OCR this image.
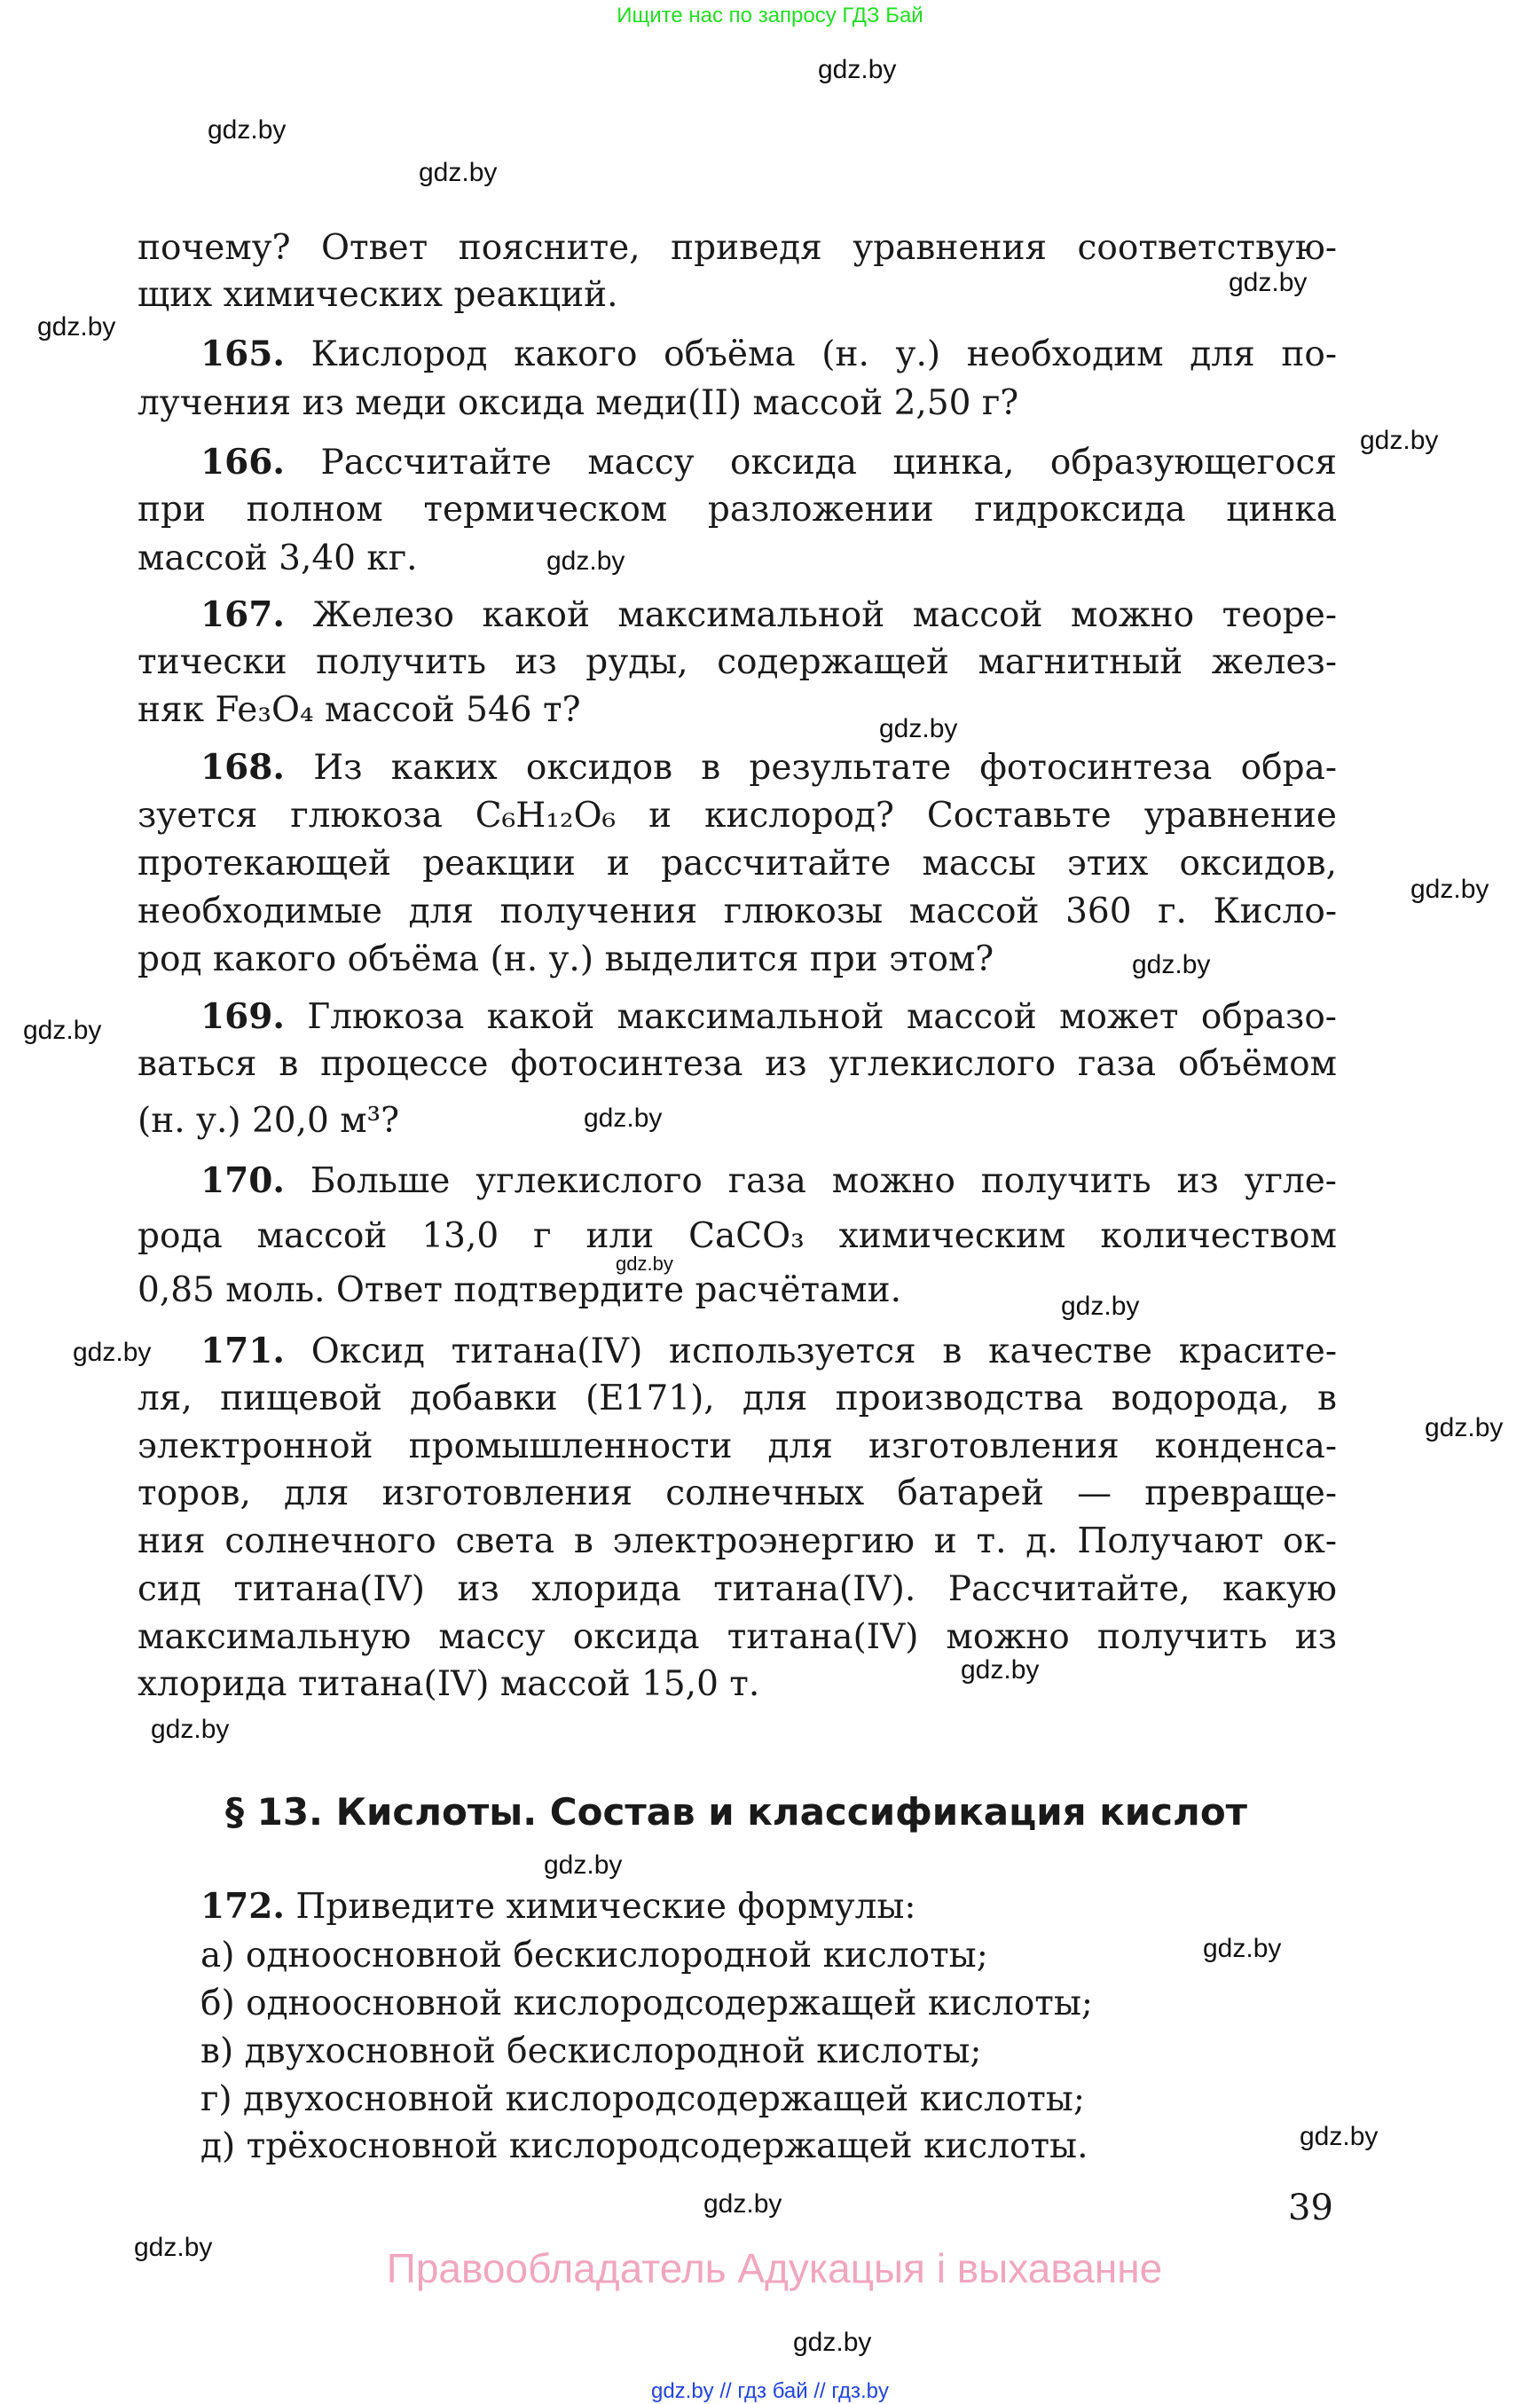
Ищите нас по запросу ГДЗ Бай
почему? Ответ поясните, приведя уравнения соответствую-
щих химических реакций.
165. Кислород какого объёма (н. у.) необходим для по-
лучения из меди оксида меди(II) массой 2,50 г?
166. Рассчитайте массу оксида цинка, образующегося
при полном термическом разложении гидроксида цинка
массой 3,40 кг.
167. Железо какой максимальной массой можно теоре-
тически получить из руды, содержащей магнитный желез-
няк Fe₃O₄ массой 546 т?
168. Из каких оксидов в результате фотосинтеза обра-
зуется глюкоза C₆H₁₂O₆ и кислород? Составьте уравнение
протекающей реакции и рассчитайте массы этих оксидов,
необходимые для получения глюкозы массой 360 г. Кисло-
род какого объёма (н. у.) выделится при этом?
169. Глюкоза какой максимальной массой может образо-
ваться в процессе фотосинтеза из углекислого газа объёмом
(н. у.) 20,0 м³?
170. Больше углекислого газа можно получить из угле-
рода массой 13,0 г или CaCO₃ химическим количеством
0,85 моль. Ответ подтвердите расчётами.
171. Оксид титана(IV) используется в качестве красите-
ля, пищевой добавки (Е171), для производства водорода, в
электронной промышленности для изготовления конденса-
торов, для изготовления солнечных батарей — превраще-
ния солнечного света в электроэнергию и т. д. Получают ок-
сид титана(IV) из хлорида титана(IV). Рассчитайте, какую
максимальную массу оксида титана(IV) можно получить из
хлорида титана(IV) массой 15,0 т.
§ 13. Кислоты. Состав и классификация кислот
172. Приведите химические формулы:
а) одноосновной бескислородной кислоты;
б) одноосновной кислородсодержащей кислоты;
в) двухосновной бескислородной кислоты;
г) двухосновной кислородсодержащей кислоты;
д) трёхосновной кислородсодержащей кислоты.
39
Правообладатель Адукацыя і выхаванне
gdz.by // гдз бай // гдз.by
gdz.by
gdz.by
gdz.by
gdz.by
gdz.by
gdz.by
gdz.by
gdz.by
gdz.by
gdz.by
gdz.by
gdz.by
gdz.by
gdz.by
gdz.by
gdz.by
gdz.by
gdz.by
gdz.by
gdz.by
gdz.by
gdz.by
gdz.by
gdz.by
